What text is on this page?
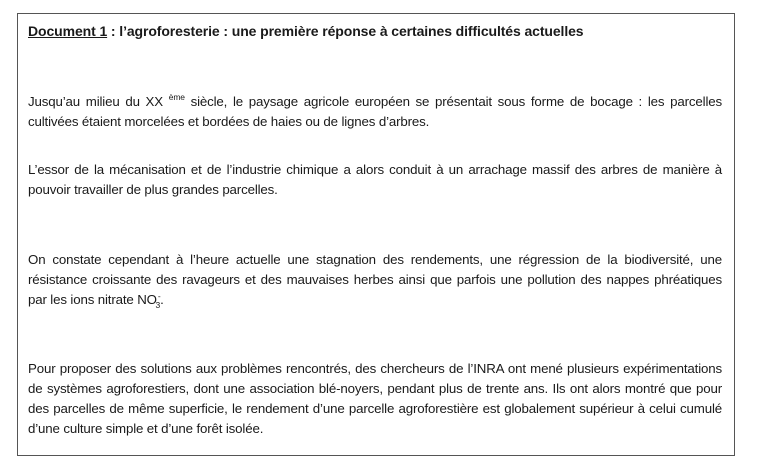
Document 1 : l’agroforesterie : une première réponse à certaines difficultés actuelles
Jusqu’au milieu du XX $^{ème}$ siècle, le paysage agricole européen se présentait sous forme de bocage : les parcelles cultivées étaient morcelées et bordées de haies ou de lignes d’arbres.
L’essor de la mécanisation et de l’industrie chimique a alors conduit à un arrachage massif des arbres de manière à pouvoir travailler de plus grandes parcelles.
On constate cependant à l’heure actuelle une stagnation des rendements, une régression de la biodiversité, une résistance croissante des ravageurs et des mauvaises herbes ainsi que parfois une pollution des nappes phréatiques par les ions nitrate $NO^-_3$.
Pour proposer des solutions aux problèmes rencontrés, des chercheurs de l’INRA ont mené plusieurs expérimentations de systèmes agroforestiers, dont une association blé-noyers, pendant plus de trente ans. Ils ont alors montré que pour des parcelles de même superficie, le rendement d’une parcelle agroforestière est globalement supérieur à celui cumulé d’une culture simple et d’une forêt isolée.
